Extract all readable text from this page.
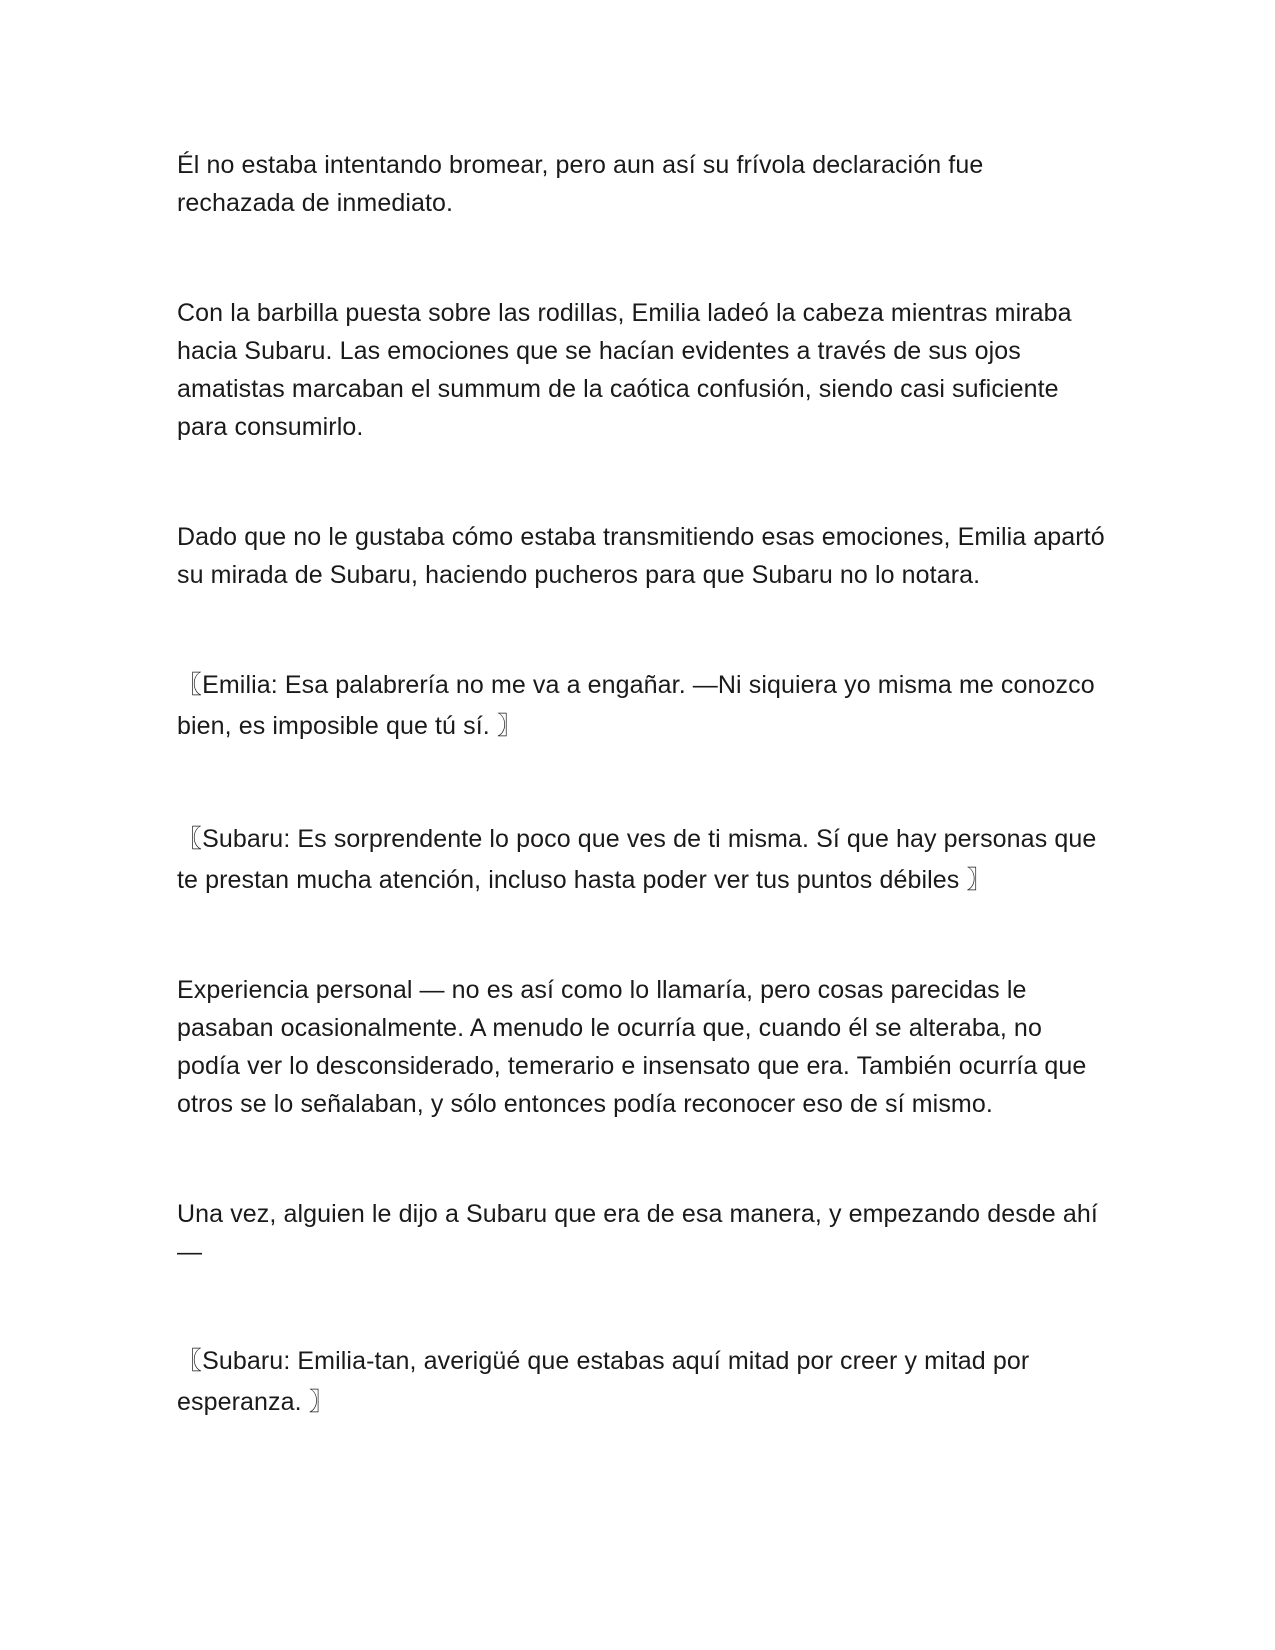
Él no estaba intentando bromear, pero aun así su frívola declaración fue rechazada de inmediato.

Con la barbilla puesta sobre las rodillas, Emilia ladeó la cabeza mientras miraba hacia Subaru. Las emociones que se hacían evidentes a través de sus ojos amatistas marcaban el summum de la caótica confusión, siendo casi suficiente para consumirlo.

Dado que no le gustaba cómo estaba transmitiendo esas emociones, Emilia apartó su mirada de Subaru, haciendo pucheros para que Subaru no lo notara.

〖Emilia: Esa palabrería no me va a engañar. —Ni siquiera yo misma me conozco bien, es imposible que tú sí. 〗

〖Subaru: Es sorprendente lo poco que ves de ti misma. Sí que hay personas que te prestan mucha atención, incluso hasta poder ver tus puntos débiles 〗

Experiencia personal — no es así como lo llamaría, pero cosas parecidas le pasaban ocasionalmente. A menudo le ocurría que, cuando él se alteraba, no podía ver lo desconsiderado, temerario e insensato que era. También ocurría que otros se lo señalaban, y sólo entonces podía reconocer eso de sí mismo.

Una vez, alguien le dijo a Subaru que era de esa manera, y empezando desde ahí —

〖Subaru: Emilia-tan, averigüé que estabas aquí mitad por creer y mitad por esperanza. 〗
